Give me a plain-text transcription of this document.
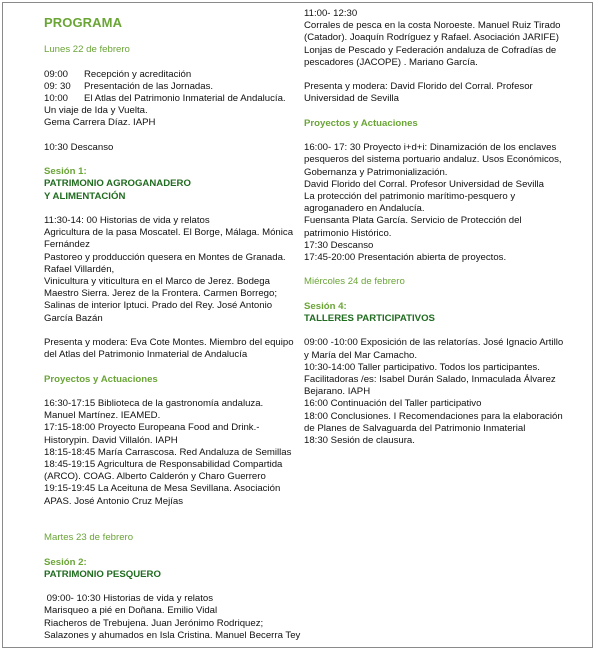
PROGRAMA

Lunes 22 de febrero

09:00      Recepción y acreditación

09: 30     Presentación de las Jornadas.

10:00      El Atlas del Patrimonio Inmaterial de Andalucía.

Un viaje de Ida y Vuelta.

Gema Carrera Díaz. IAPH

10:30 Descanso

Sesión 1:

PATRIMONIO AGROGANADERO

Y ALIMENTACIÓN

11:30-14: 00 Historias de vida y relatos

Agricultura de la pasa Moscatel. El Borge, Málaga. Mónica Fernández

Pastoreo y prodducción quesera en Montes de Granada. Rafael Villardén,

Vinicultura y viticultura en el Marco de Jerez. Bodega Maestro Sierra. Jerez de la Frontera. Carmen Borrego;

Salinas de interior Iptuci. Prado del Rey. José Antonio García Bazán

Presenta y modera: Eva Cote Montes. Miembro del equipo del Atlas del Patrimonio Inmaterial de Andalucía

Proyectos y Actuaciones

16:30-17:15 Biblioteca de la gastronomía andaluza. Manuel Martínez. IEAMED.

17:15-18:00 Proyecto Europeana Food and Drink.- Historypin. David Villalón. IAPH

18:15-18:45 María Carrascosa. Red Andaluza de Semillas

18:45-19:15 Agricultura de Responsabilidad Compartida (ARCO). COAG. Alberto Calderón y Charo Guerrero

19:15-19:45 La Aceituna de Mesa Sevillana. Asociación APAS. José Antonio Cruz Mejías

Martes 23 de febrero

Sesión 2:

PATRIMONIO PESQUERO

09:00- 10:30 Historias de vida y relatos

Marisqueo a pié en Doñana. Emilio Vidal

Riacheros de Trebujena. Juan Jerónimo Rodriquez;

Salazones y ahumados en Isla Cristina. Manuel Becerra Tey

11:00- 12:30

Corrales de pesca en la costa Noroeste. Manuel Ruiz Tirado (Catador). Joaquín Rodríguez y Rafael. Asociación JARIFE)

Lonjas de Pescado y Federación andaluza de Cofradías de pescadores (JACOPE) . Mariano García.

Presenta y modera: David Florido del Corral. Profesor Universidad de Sevilla

Proyectos y Actuaciones

16:00- 17: 30 Proyecto i+d+i: Dinamización de los enclaves pesqueros del sistema portuario andaluz. Usos Económicos, Gobernanza y Patrimonialización.

David Florido del Corral. Profesor Universidad de Sevilla

La protección del patrimonio marítimo-pesquero y agroganadero en Andalucía.

Fuensanta Plata García. Servicio de Protección del patrimonio Histórico.

17:30 Descanso

17:45-20:00 Presentación abierta de proyectos.

Miércoles 24 de febrero

Sesión 4:

TALLERES PARTICIPATIVOS

09:00 -10:00 Exposición de las relatorías. José Ignacio Artillo y María del Mar Camacho.

10:30-14:00 Taller participativo. Todos los participantes. Facilitadoras /es: Isabel Durán Salado, Inmaculada Álvarez Bejarano. IAPH

16:00 Continuación del Taller participativo

18:00 Conclusiones. I Recomendaciones para la elaboración de Planes de Salvaguarda del Patrimonio Inmaterial

18:30 Sesión de clausura.
